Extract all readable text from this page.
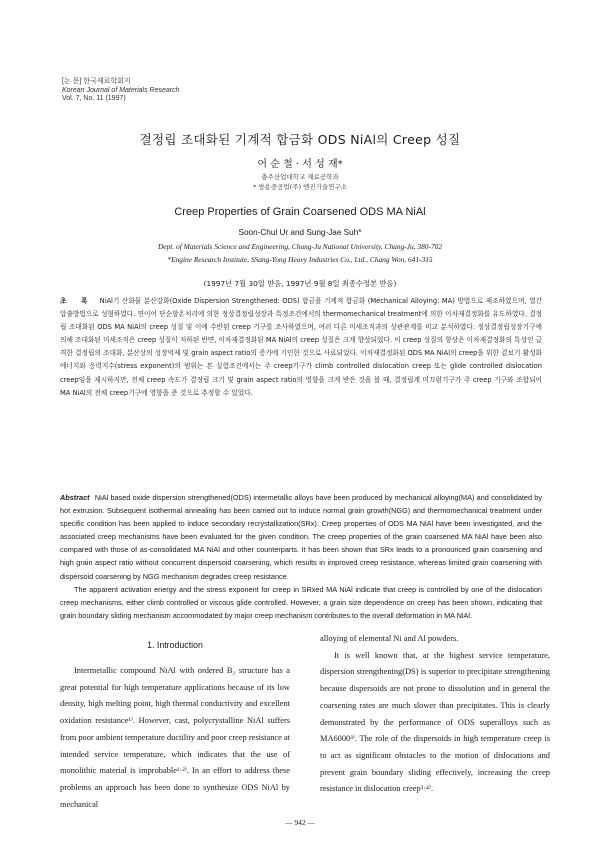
[논 문] 한국재료학회지
Korean Journal of Materials Research
Vol. 7, No. 11 (1997)
결정립 조대화된 기계적 합금화 ODS NiAl의 Creep 성질
어 순 철 · 서 성 재*
충주산업대학교 재료공학과
* 쌍용중공업(주) 엔진기술연구소
Creep Properties of Grain Coarsened ODS MA NiAl
Soon-Chul Ur and Sung-Jae Suh*
Dept. of Materials Science and Engineering, Chung-Ju National University, Chung-Ju, 380-702
*Engine Research Institute, SSang-Yong Heavy Industries Co., Ltd., Chang Won, 641-315
(1997년 7월 30일 받음, 1997년 9월 8일 최종수정본 받음)
초 록 NiAl기 산화물 분산강화(Oxide Dispersion Strengthened: ODS) 합금을 기계적 합금화 (Mechanical Alloying: MA) 방법으로 제조하였으며, 열간압출방법으로 성형하였다. 연이어 단순항온처리에 의한 정상결정립성장과 특정조건에서의 thermomechanical treatment에 의한 이차재결정화를 유도하였다. 결정립 조대화된 ODS MA NiAl의 creep 성질 및 이에 수반된 creep 기구를 조사하였으며, 여러 다른 미세조직과의 상관관계를 비교 분석하였다. 정상결정립성장기구에 의해 조대화된 미세조직은 creep 성질이 저하된 반면, 이차재결정화된 MA NiAl의 creep 성질은 크게 향상되었다. 이 creep 성질의 향상은 이차재결정화의 특성인 급격한 결정립의 조대화, 분산상의 성장억제 및 grain aspect ratio의 증가에 기인한 것으로 사료되었다. 이차재결정화된 ODS MA NiAl의 creep을 위한 겉보기 활성화에너지와 응력지수(stress exponent)의 범위는 본 실험조건에서는 주 creep기구가 climb controlled dislocation creep 또는 glide controlled dislocation creep임을 제시하지만, 전체 creep 속도가 결정립 크기 및 grain aspect ratio의 영향을 크게 받은 것을 볼 때, 결정립계 미끄럼기구가 주 creep 기구와 조합되어 MA NiAl의 전체 creep기구에 영향을 준 것으로 추정할 수 있었다.

Abstract NiAl based oxide dispersion strengthened(ODS) intermetallic alloys have been produced by mechanical alloying(MA) and consolidated by hot extrusion. Subsequent isothermal annealing has been carried out to induce normal grain growth(NGG) and thermomechanical treatment under specific condition has been applied to induce secondary recrystallization(SRx). Creep properties of ODS MA NiAl have been investigated, and the associated creep mechanisms have been evaluated for the given condition. The creep properties of the grain coarsened MA NiAl have been also compared with those of as-consolidated MA NiAl and other counterparts. It has been shown that SRx leads to a pronounced grain coarsening and high grain aspect ratio without concurrent dispersoid coarsening, which results in improved creep resistance, whereas limited grain coarsening with dispersoid coarsening by NGG mechanism degrades creep resistance.

The apparent activation energy and the stress exponent for creep in SRxed MA NiAl indicate that creep is controlled by one of the dislocation creep mechanisms, either climb controlled or viscous glide controlled. However, a grain size dependence on creep has been shown, indicating that grain boundary sliding mechanism accommodated by major creep mechanism contributes to the overall deformation in MA NiAl.

1. Introduction

Intermetallic compound NiAl with ordered B₂ structure has a great potential for high temperature applications because of its low density, high melting point, high thermal conductivity and excellent oxidation resistance¹⁾. However, cast, polycrystalline NiAl suffers from poor ambient temperature ductility and poor creep resistance at intended service temperature, which indicates that the use of monolithic material is improbable¹·²⁾. In an effort to address these problems an approach has been done to synthesize ODS NiAl by mechanical

alloying of elemental Ni and Al powders.

It is well known that, at the highest service temperature, dispersion strengthening(DS) is superior to precipitate strengthening because dispersoids are not prone to dissolution and in general the coarsening rates are much slower than precipitates. This is clearly demonstrated by the performance of ODS superalloys such as MA6000³⁾. The role of the dispersoids in high temperature creep is to act as significant obstacles to the motion of dislocations and prevent grain boundary sliding effectively, increasing the creep resistance in dislocation creep³·⁴⁾.

— 942 —
